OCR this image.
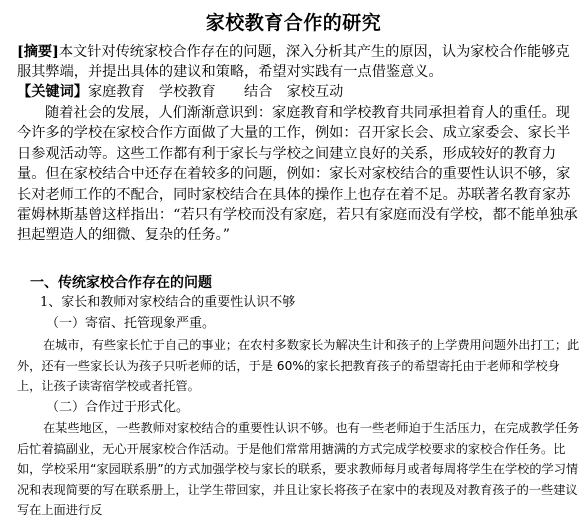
家校教育合作的研究
[摘要]本文针对传统家校合作存在的问题，深入分析其产生的原因，认为家校合作能够克服其弊端，并提出具体的建议和策略，希望对实践有一点借鉴意义。
【关键词】家庭教育　学校教育　　结合　家校互动
随着社会的发展，人们渐渐意识到：家庭教育和学校教育共同承担着育人的重任。现今许多的学校在家校合作方面做了大量的工作，例如：召开家长会、成立家委会、家长半日参观活动等。这些工作都有利于家长与学校之间建立良好的关系，形成较好的教育力量。但在家校结合中还存在着较多的问题，例如：家长对家校结合的重要性认识不够，家长对老师工作的不配合，同时家校结合在具体的操作上也存在着不足。苏联著名教育家苏霍姆林斯基曾这样指出：“若只有学校而没有家庭，若只有家庭而没有学校，都不能单独承担起塑造人的细微、复杂的任务。”
一、传统家校合作存在的问题
1、家长和教师对家校结合的重要性认识不够
（一）寄宿、托管现象严重。
在城市，有些家长忙于自己的事业；在农村多数家长为解决生计和孩子的上学费用问题外出打工；此外，还有一些家长认为孩子只听老师的话，于是 60%的家长把教育孩子的希望寄托由于老师和学校身上，让孩子读寄宿学校或者托管。
（二）合作过于形式化。
在某些地区，一些教师对家校结合的重要性认识不够。也有一些老师迫于生活压力，在完成教学任务后忙着搞副业，无心开展家校合作活动。于是他们常常用搪满的方式完成学校要求的家校合作任务。比如，学校采用“家园联系册”的方式加强学校与家长的联系，要求教师每月或者每周将学生在学校的学习情况和表现简要的写在联系册上，让学生带回家，并且让家长将孩子在家中的表现及对教育孩子的一些建议写在上面进行反
